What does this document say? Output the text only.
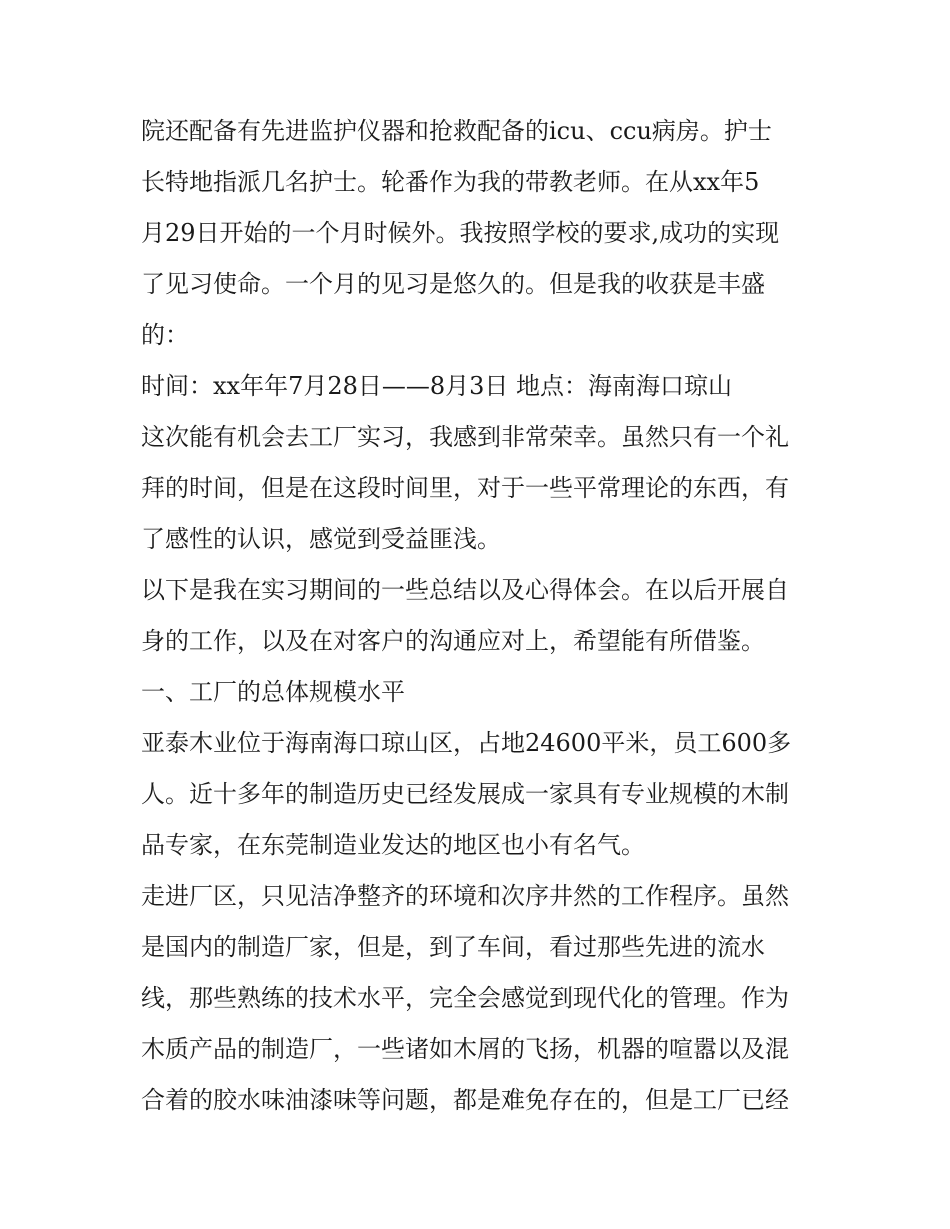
院还配备有先进监护仪器和抢救配备的icu、ccu病房。护士
长特地指派几名护士。轮番作为我的带教老师。在从xx年5
月29日开始的一个月时候外。我按照学校的要求,成功的实现
了见习使命。一个月的见习是悠久的。但是我的收获是丰盛
的：
时间：xx年年7月28日——8月3日 地点：海南海口琼山
这次能有机会去工厂实习，我感到非常荣幸。虽然只有一个礼
拜的时间，但是在这段时间里，对于一些平常理论的东西，有
了感性的认识，感觉到受益匪浅。
以下是我在实习期间的一些总结以及心得体会。在以后开展自
身的工作，以及在对客户的沟通应对上，希望能有所借鉴。
一、工厂的总体规模水平
亚泰木业位于海南海口琼山区，占地24600平米，员工600多
人。近十多年的制造历史已经发展成一家具有专业规模的木制
品专家，在东莞制造业发达的地区也小有名气。
走进厂区，只见洁净整齐的环境和次序井然的工作程序。虽然
是国内的制造厂家，但是，到了车间，看过那些先进的流水
线，那些熟练的技术水平，完全会感觉到现代化的管理。作为
木质产品的制造厂，一些诸如木屑的飞扬，机器的喧嚣以及混
合着的胶水味油漆味等问题，都是难免存在的，但是工厂已经
